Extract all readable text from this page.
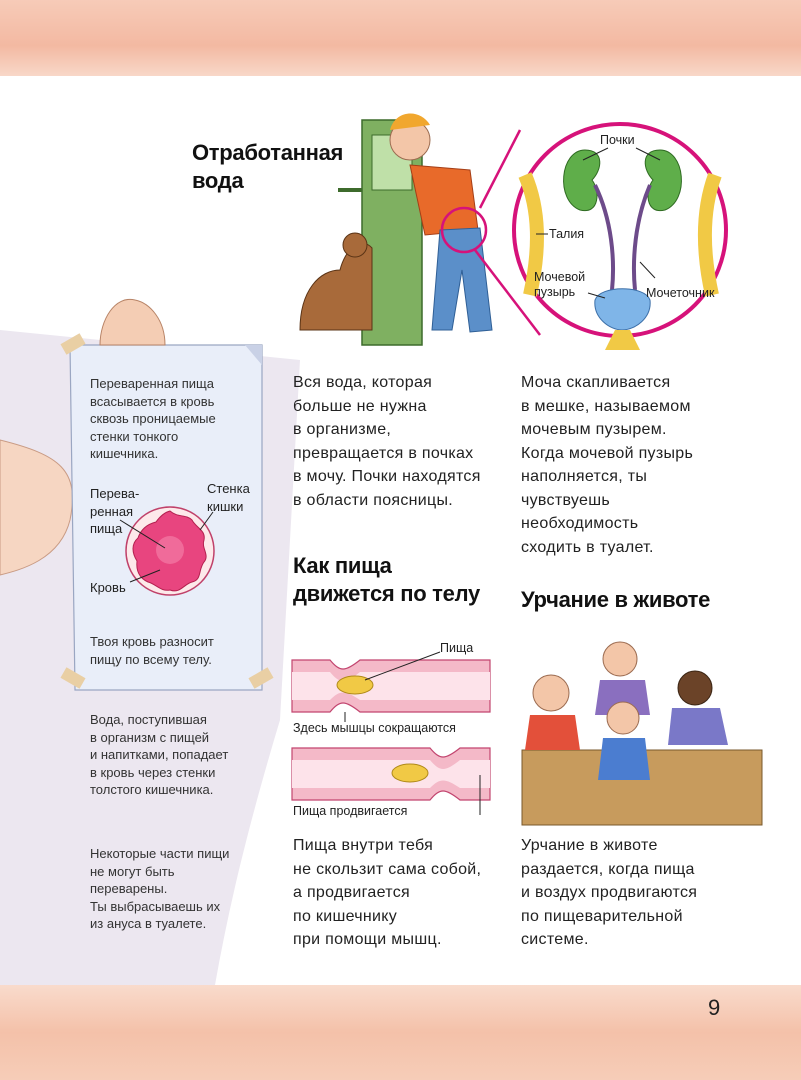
Отработанная
вода
Как пища
движется по телу Урчание в животе
Вся вода, которая
больше не нужна
в организме,
превращается в почках
в мочу. Почки находятся
в области поясницы.
Моча скапливается
в мешке, называемом
мочевым пузырем.
Когда мочевой пузырь
наполняется, ты
чувствуешь
необходимость
сходить в туалет.
Пища внутри тебя
не скользит сама собой,
а продвигается
по кишечнику
при помощи мышц.
Урчание в животе
раздается, когда пища
и воздух продвигаются
по пищеварительной
системе.
Почки
Талия
Мочевой
пузырь	Мочеточник
Пища
Здесь мышцы сокращаются
Пища продвигается
Переваренная пища
всасывается в кровь
сквозь проницаемые
стенки тонкого
кишечника.
Перева-
ренная
пища
Стенка
кишки
Кровь
Твоя кровь разносит
пищу по всему телу.
Вода, поступившая
в организм с пищей
и напитками, попадает
в кровь через стенки
толстого кишечника.
Некоторые части пищи
не могут быть
переварены.
Ты выбрасываешь их
из ануса в туалете.
9
